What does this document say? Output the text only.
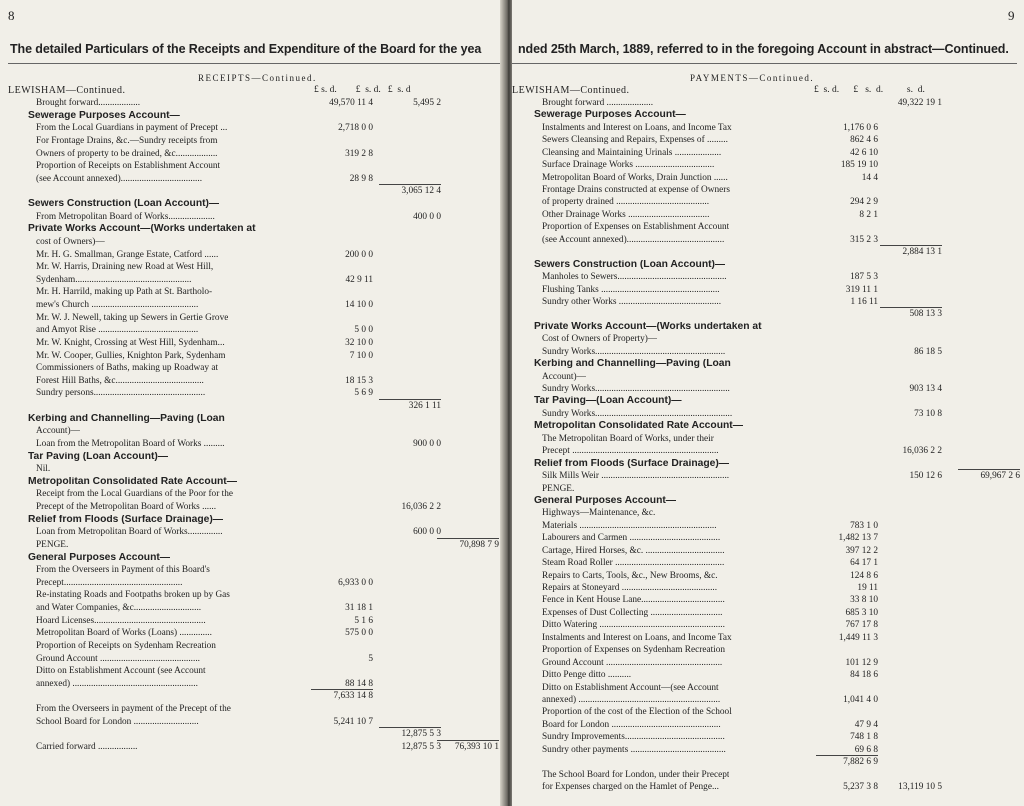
8
The detailed Particulars of the Receipts and Expenditure of the Board for the yea
RECEIPTS—Continued.
LEWISHAM—Continued.	£ s. d.        £  s. d.   £  s. d
Brought forward..................	49,570 11 4	5,495 2
Sewerage Purposes Account—
From the Local Guardians in payment of Precept ...	2,718 0 0
For Frontage Drains, &c.—Sundry receipts from
Owners of property to be drained, &c..................	319 2 8
Proportion of Receipts on Establishment Account
(see Account annexed)...................................	28 9 8
3,065 12 4
Sewers Construction (Loan Account)—
From Metropolitan Board of Works....................	400 0 0
Private Works Account—(Works undertaken at
cost of Owners)—
Mr. H. G. Smallman, Grange Estate, Catford ......	200 0 0
Mr. W. Harris, Draining new Road at West Hill,
Sydenham..................................................	42 9 11
Mr. H. Harrild, making up Path at St. Bartholo-
mew's Church ..............................................	14 10 0
Mr. W. J. Newell, taking up Sewers in Gertie Grove
and Amyot Rise ...........................................	5 0 0
Mr. W. Knight, Crossing at West Hill, Sydenham...	32 10 0
Mr. W. Cooper, Gullies, Knighton Park, Sydenham	7 10 0
Commissioners of Baths, making up Roadway at
Forest Hill Baths, &c......................................	18 15 3
Sundry persons................................................	5 6 9
326 1 11
Kerbing and Channelling—Paving (Loan
Account)—
Loan from the Metropolitan Board of Works .........	900 0 0
Tar Paving (Loan Account)—
Nil.
Metropolitan Consolidated Rate Account—
Receipt from the Local Guardians of the Poor for the
Precept of the Metropolitan Board of Works ......	16,036 2 2
Relief from Floods (Surface Drainage)—
Loan from Metropolitan Board of Works...............	600 0 0
PENGE.	70,898 7 9
General Purposes Account—
From the Overseers in Payment of this Board's
Precept...................................................	6,933 0 0
Re-instating Roads and Footpaths broken up by Gas
and Water Companies, &c.............................	31 18 1
Hoard Licenses................................................	5 1 6
Metropolitan Board of Works (Loans) ..............	575 0 0
Proportion of Receipts on Sydenham Recreation
Ground Account ...........................................	5
Ditto on Establishment Account (see Account
annexed) ......................................................	88 14 8
7,633 14 8
From the Overseers in payment of the Precept of the
School Board for London ............................	5,241 10 7
12,875 5 3
Carried forward .................	12,875 5 3 76,393 10 1
9
nded 25th March, 1889, referred to in the foregoing Account in abstract—Continued.
PAYMENTS—Continued.
LEWISHAM—Continued.	£  s. d.      £   s.  d.          s.  d.
Brought forward ....................	49,322 19 1
Sewerage Purposes Account—
Instalments and Interest on Loans, and Income Tax	1,176 0 6
Sewers Cleansing and Repairs, Expenses of .........	862 4 6
Cleansing and Maintaining Urinals ....................	42 6 10
Surface Drainage Works ..................................	185 19 10
Metropolitan Board of Works, Drain Junction ......	14 4
Frontage Drains constructed at expense of Owners
of property drained ........................................	294 2 9
Other Drainage Works ...................................	8 2 1
Proportion of Expenses on Establishment Account
(see Account annexed)..........................................	315 2 3
2,884 13 1
Sewers Construction (Loan Account)—
Manholes to Sewers...............................................	187 5 3
Flushing Tanks ...................................................	319 11 1
Sundry other Works ............................................	1 16 11
508 13 3
Private Works Account—(Works undertaken at
Cost of Owners of Property)—
Sundry Works........................................................	86 18 5
Kerbing and Channelling—Paving (Loan
Account)—
Sundry Works..........................................................	903 13 4
Tar Paving—(Loan Account)—
Sundry Works...........................................................	73 10 8
Metropolitan Consolidated Rate Account—
The Metropolitan Board of Works, under their
Precept ...............................................................	16,036 2 2
Relief from Floods (Surface Drainage)—
Silk Mills Weir .......................................................	150 12 6	69,967 2 6
PENGE.
General Purposes Account—
Highways—Maintenance, &c.
Materials ...........................................................	783 1 0
Labourers and Carmen .......................................	1,482 13 7
Cartage, Hired Horses, &c. ..................................	397 12 2
Steam Road Roller ...............................................	64 17 1
Repairs to Carts, Tools, &c., New Brooms, &c.	124 8 6
Repairs at Stoneyard .........................................	19 11
Fence in Kent House Lane....................................	33 8 10
Expenses of Dust Collecting ...............................	685 3 10
Ditto Watering ......................................................	767 17 8
Instalments and Interest on Loans, and Income Tax	1,449 11 3
Proportion of Expenses on Sydenham Recreation
Ground Account ..................................................	101 12 9
Ditto Penge ditto ..........	84 18 6
Ditto on Establishment Account—(see Account
annexed) .............................................................	1,041 4 0
Proportion of the cost of the Election of the School
Board for London ...............................................	47 9 4
Sundry Improvements...........................................	748 1 8
Sundry other payments .........................................	69 6 8
7,882 6 9
The School Board for London, under their Precept
for Expenses charged on the Hamlet of Penge...	5,237 3 8 13,119 10 5
